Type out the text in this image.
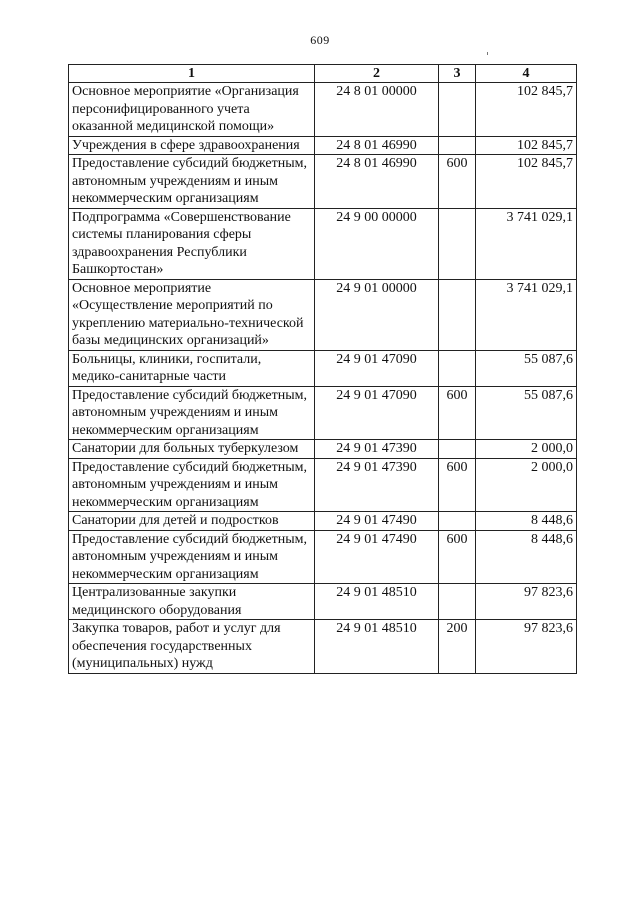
609
1	2	3	4
Основное мероприятие «Организация персонифицированного учета оказанной медицинской помощи»	24 8 01 00000		102 845,7
Учреждения в сфере здравоохранения	24 8 01 46990		102 845,7
Предоставление субсидий бюджетным, автономным учреждениям и иным некоммерческим организациям	24 8 01 46990	600	102 845,7
Подпрограмма «Совершенствование системы планирования сферы здравоохранения Республики Башкортостан»	24 9 00 00000		3 741 029,1
Основное мероприятие «Осуществление мероприятий по укреплению материально-технической базы медицинских организаций»	24 9 01 00000		3 741 029,1
Больницы, клиники, госпитали, медико-санитарные части	24 9 01 47090		55 087,6
Предоставление субсидий бюджетным, автономным учреждениям и иным некоммерческим организациям	24 9 01 47090	600	55 087,6
Санатории для больных туберкулезом	24 9 01 47390		2 000,0
Предоставление субсидий бюджетным, автономным учреждениям и иным некоммерческим организациям	24 9 01 47390	600	2 000,0
Санатории для детей и подростков	24 9 01 47490		8 448,6
Предоставление субсидий бюджетным, автономным учреждениям и иным некоммерческим организациям	24 9 01 47490	600	8 448,6
Централизованные закупки медицинского оборудования	24 9 01 48510		97 823,6
Закупка товаров, работ и услуг для обеспечения государственных (муниципальных) нужд	24 9 01 48510	200	97 823,6
